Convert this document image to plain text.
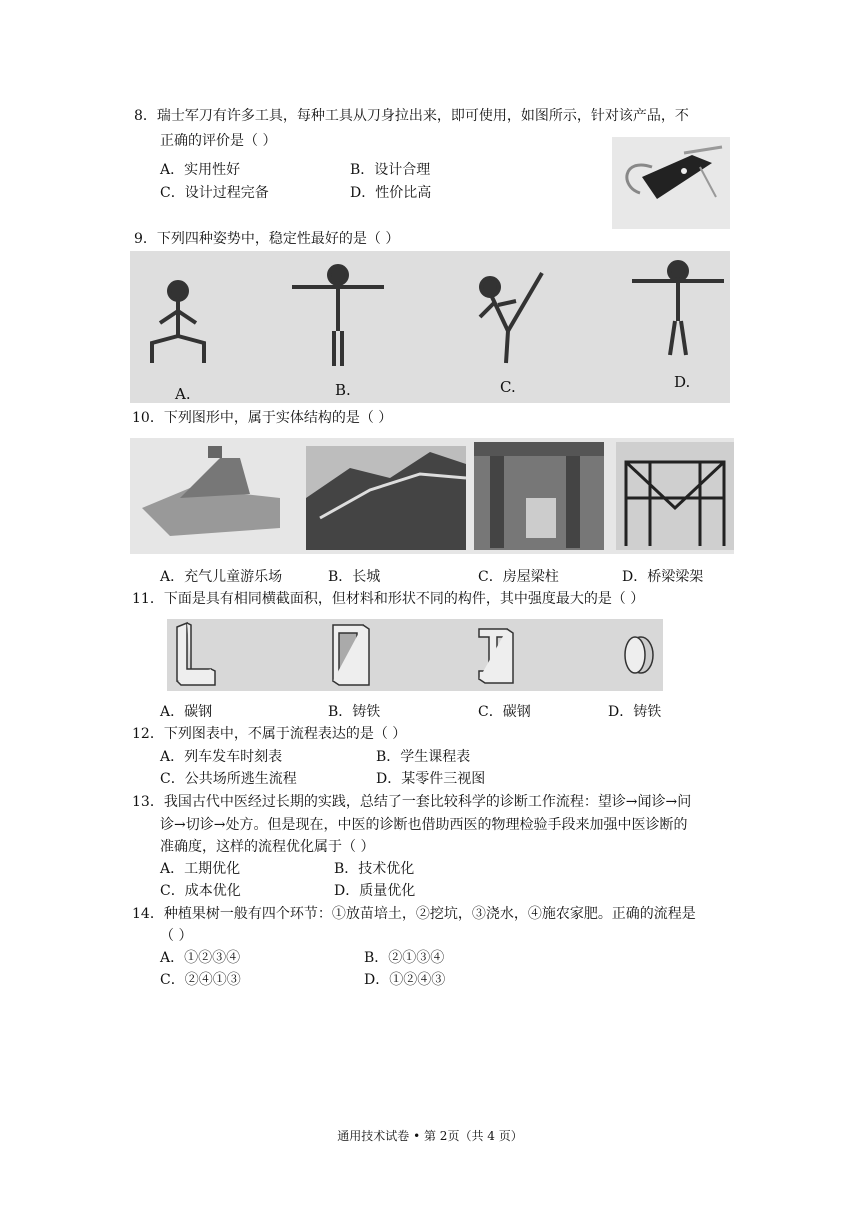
8．瑞士军刀有许多工具，每种工具从刀身拉出来，即可使用，如图所示，针对该产品，不
正确的评价是（ ）
A．实用性好	B．设计合理
C．设计过程完备	D．性价比高
9．下列四种姿势中，稳定性最好的是（ ）
A.	B.	C.	D.
10．下列图形中，属于实体结构的是（ ）
A．充气儿童游乐场	B．长城	C．房屋梁柱	D．桥梁梁架
11．下面是具有相同横截面积，但材料和形状不同的构件，其中强度最大的是（ ）
A．碳钢	B．铸铁	C．碳钢	D．铸铁
12．下列图表中，不属于流程表达的是（ ）
A．列车发车时刻表	B．学生课程表
C．公共场所逃生流程	D．某零件三视图
13．我国古代中医经过长期的实践，总结了一套比较科学的诊断工作流程：望诊→闻诊→问
诊→切诊→处方。但是现在，中医的诊断也借助西医的物理检验手段来加强中医诊断的
准确度，这样的流程优化属于（ ）
A．工期优化	B．技术优化
C．成本优化	D．质量优化
14．种植果树一般有四个环节：①放苗培土，②挖坑，③浇水，④施农家肥。正确的流程是
（ ）
A．①②③④	B．②①③④
C．②④①③	D．①②④③
通用技术试卷 • 第 2页（共 4 页）
